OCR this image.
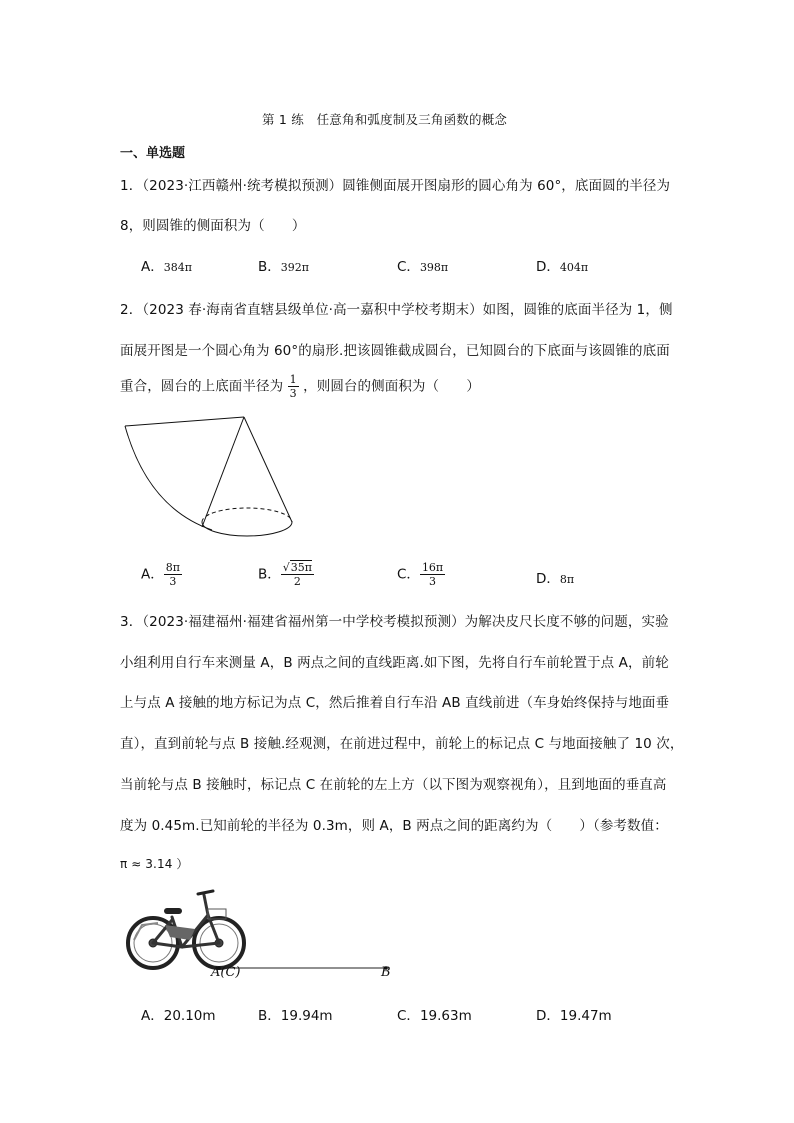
第 1 练　任意角和弧度制及三角函数的概念
一、单选题
1．（2023·江西赣州·统考模拟预测）圆锥侧面展开图扇形的圆心角为 60°，底面圆的半径为
8，则圆锥的侧面积为（　　）
A．384π	B．392π	C．398π	D．404π
2．（2023 春·海南省直辖县级单位·高一嘉积中学校考期末）如图，圆锥的底面半径为 1，侧
面展开图是一个圆心角为 60°的扇形.把该圆锥截成圆台，已知圆台的下底面与该圆锥的底面
重合，圆台的上底面半径为 $\frac{1}{3}$ ，则圆台的侧面积为（　　）
A． $\frac{8\pi}{3}$	B． $\frac{√35\pi}{2}$	C． $\frac{16\pi}{3}$	D．8π
3．（2023·福建福州·福建省福州第一中学校考模拟预测）为解决皮尺长度不够的问题，实验
小组利用自行车来测量 A，B 两点之间的直线距离.如下图，先将自行车前轮置于点 A，前轮
上与点 A 接触的地方标记为点 C，然后推着自行车沿 AB 直线前进（车身始终保持与地面垂
直），直到前轮与点 B 接触.经观测，在前进过程中，前轮上的标记点 C 与地面接触了 10 次，
当前轮与点 B 接触时，标记点 C 在前轮的左上方（以下图为观察视角），且到地面的垂直高
度为 0.45m.已知前轮的半径为 0.3m，则 A，B 两点之间的距离约为（　　）（参考数值：
π ≈ 3.14 ）
A(C)	B
A．20.10m	B．19.94m	C．19.63m	D．19.47m
